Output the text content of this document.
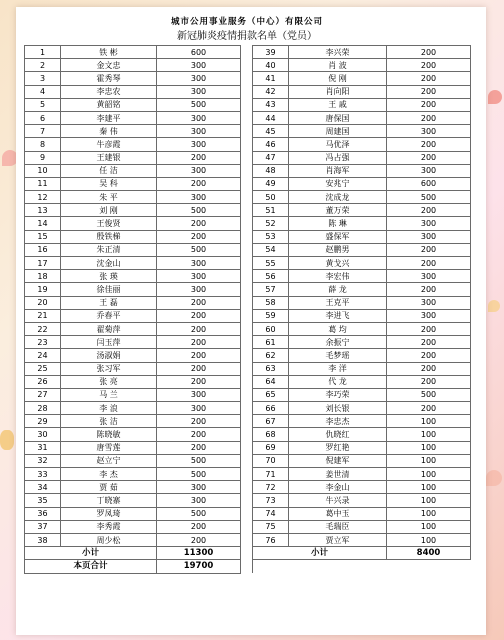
城市公用事业服务（中心）有限公司
新冠肺炎疫情捐款名单（党员）
1	铁 彬	600		39	李兴荣	200
2	金文忠	300		40	肖 波	200
3	霍秀琴	300		41	倪 刚	200
4	李忠农	300		42	肖向阳	200
5	黄韶铭	500		43	王 戚	200
6	李建平	300		44	唐保国	200
7	秦 伟	300		45	周建国	300
8	牛彦霞	300		46	马优泽	200
9	王建银	200		47	冯占强	200
10	任 洁	300		48	肖海军	300
11	吴 科	200		49	安兆宁	600
12	朱 平	300		50	沈成龙	500
13	刘 刚	500		51	董万荣	200
14	王俊贤	200		52	陈 琳	300
15	殷铁梯	200		53	盛保军	300
16	朱正清	500		54	赵鹏男	200
17	沈金山	300		55	黄戈兴	200
18	张 瑛	300		56	李宏伟	300
19	徐佳丽	300		57	薛 龙	200
20	王 磊	200		58	王克平	300
21	乔春平	200		59	李进飞	300
22	翟菊萍	200		60	葛 均	200
23	闫玉萍	200		61	余振宁	200
24	汤淑娟	200		62	毛梦瑶	200
25	张习军	200		63	李 洋	200
26	张 亮	200		64	代 龙	200
27	马 兰	300		65	李巧荣	500
28	李 浪	300		66	刘长银	200
29	张 洁	200		67	李忠杰	100
30	陈晓敏	200		68	仇晓红	100
31	唐雪莲	200		69	罗红艳	100
32	赵立宁	500		70	倪建军	100
33	李 杰	500		71	姜世清	100
34	贾 茹	300		72	李金山	100
35	丁晓寨	300		73	牛兴录	100
36	罗凤琦	500		74	葛中玉	100
37	李秀霞	200		75	毛瑞臣	100
38	周少松	200		76	贾立军	100
小计		11300		小计		8400
本页合计		19700				
